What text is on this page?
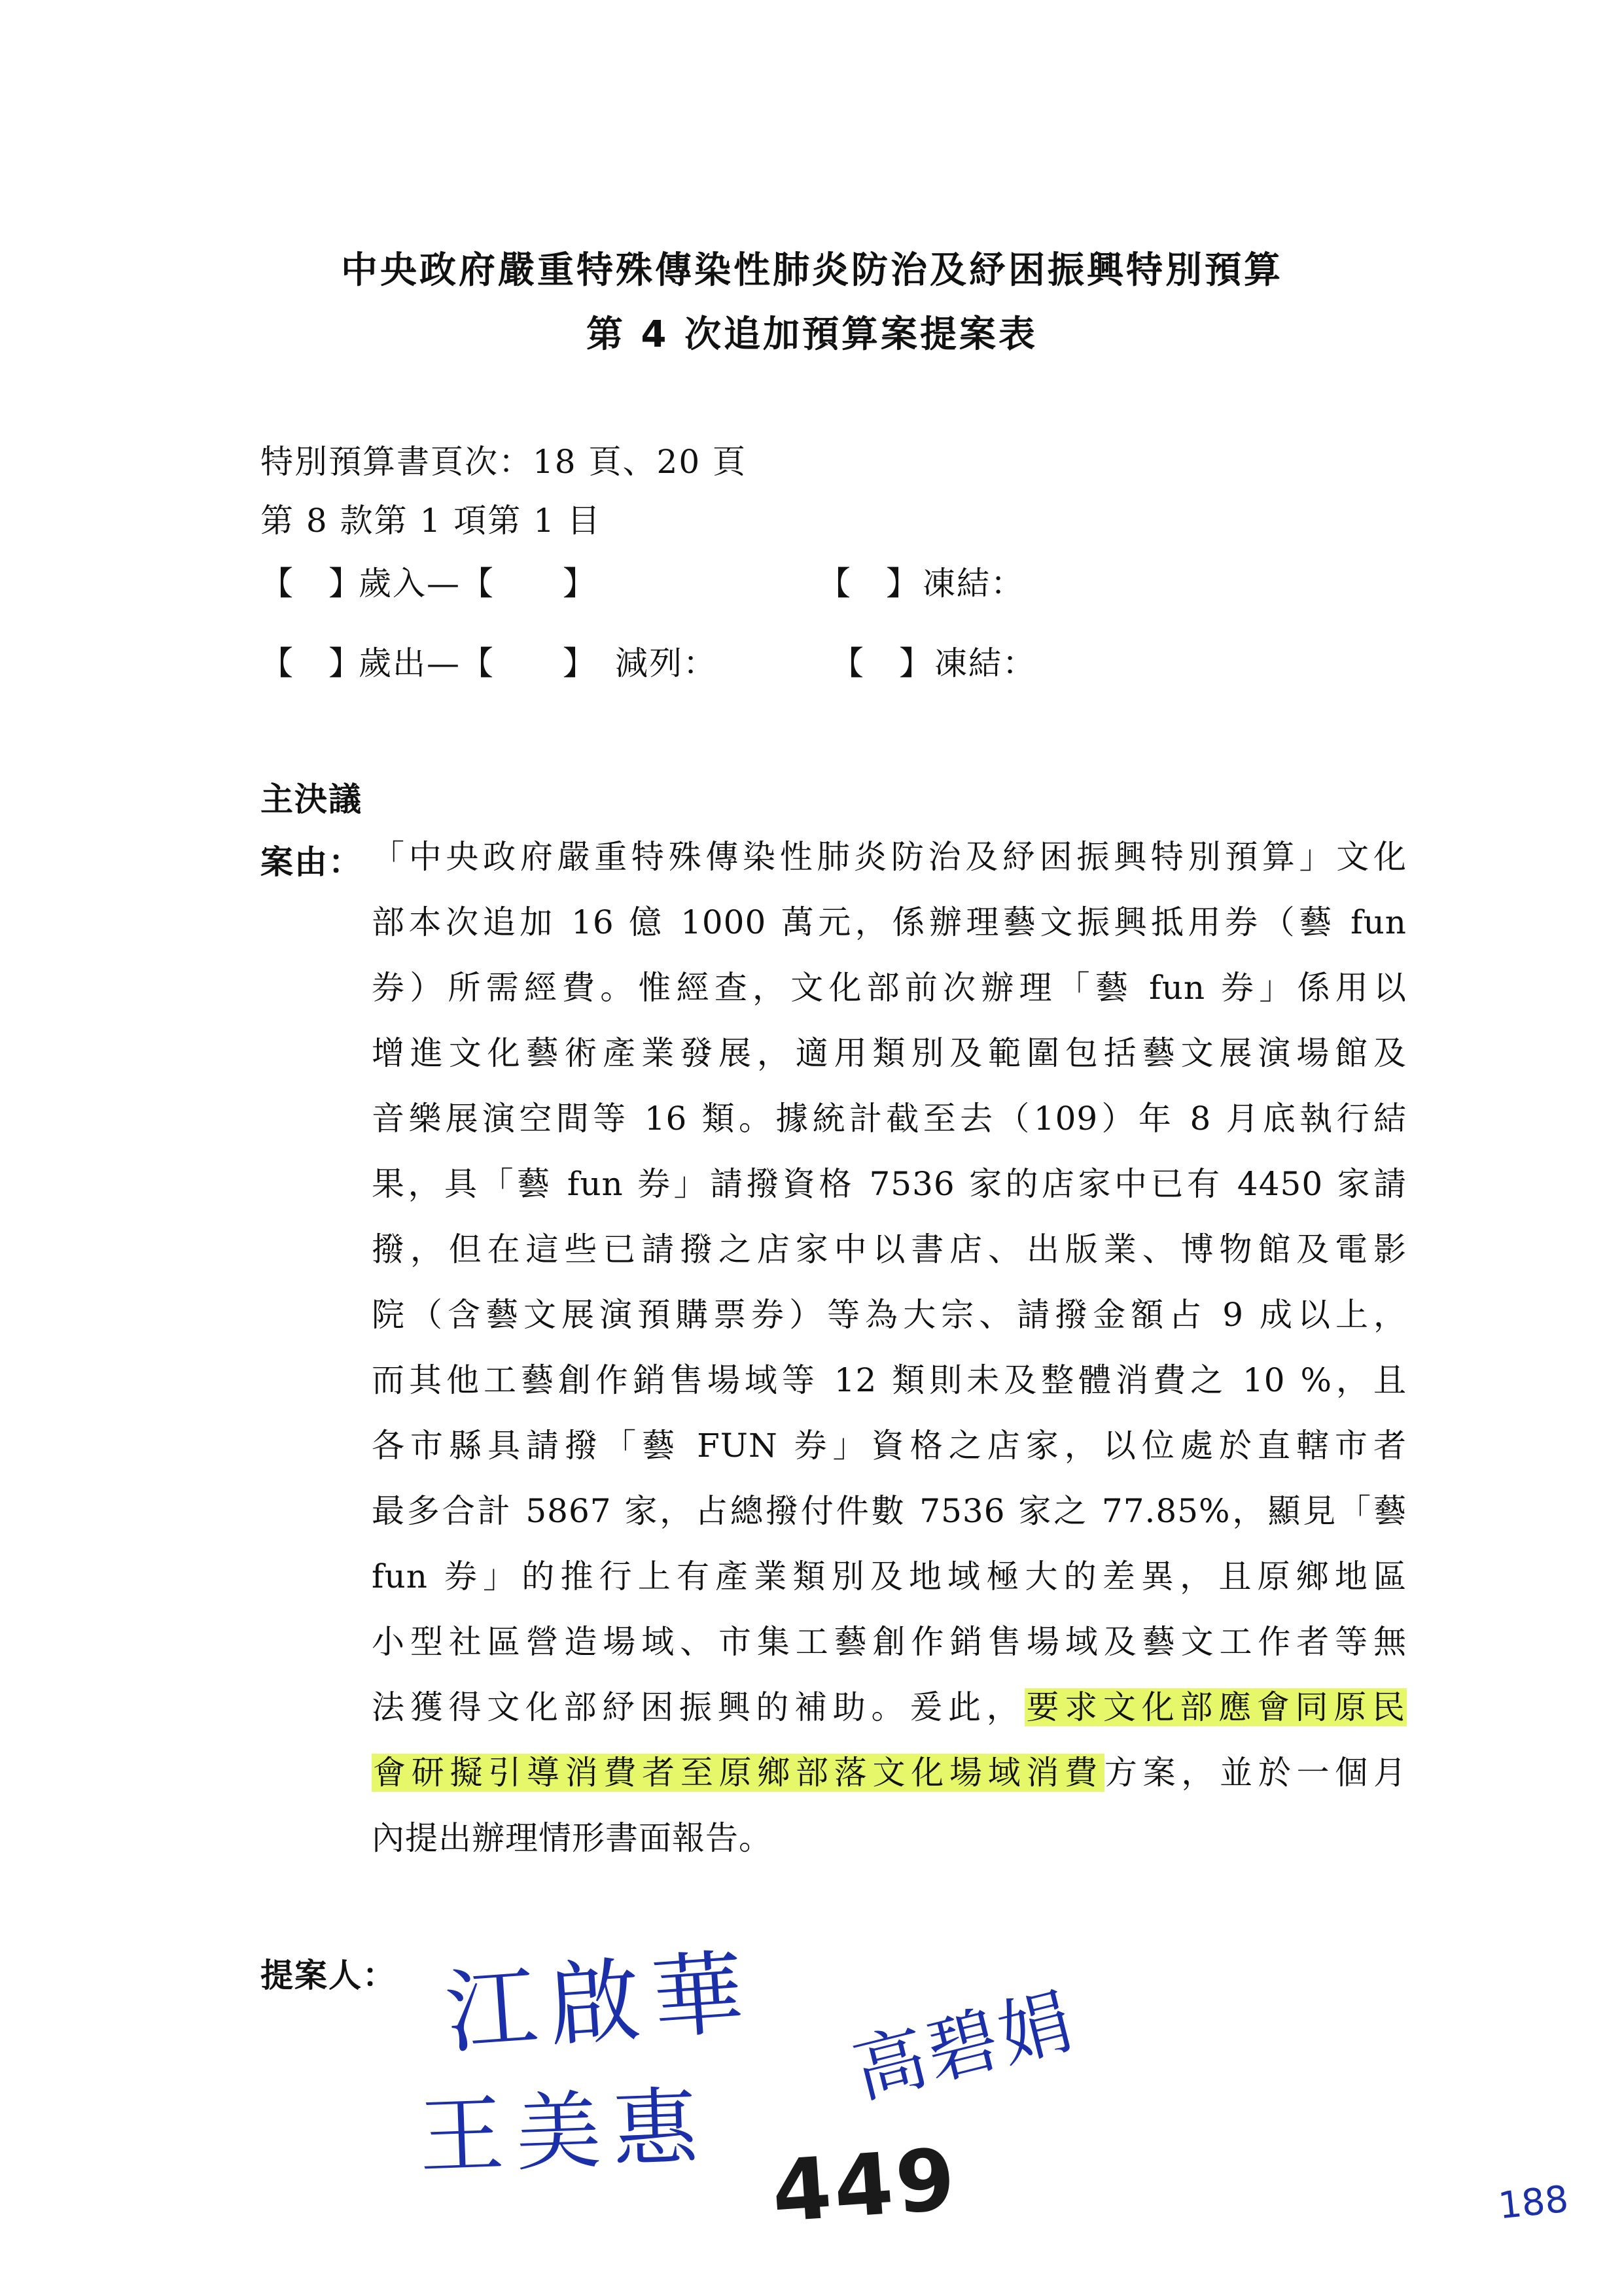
中央政府嚴重特殊傳染性肺炎防治及紓困振興特別預算
第 4 次追加預算案提案表
特別預算書頁次：18 頁、20 頁
第 8 款第 1 項第 1 目
【　】
歲入—【　　】	【　】 凍結：
【　】
歲出—【　　】 減列：	【　】 凍結：
主決議
案由： 「中央政府嚴重特殊傳染性肺炎防治及紓困振興特別預算」文化
部本次追加 16 億 1000 萬元，係辦理藝文振興抵用券（藝 fun
券）所需經費。惟經查，文化部前次辦理「藝 fun 券」係用以
增進文化藝術產業發展，適用類別及範圍包括藝文展演場館及
音樂展演空間等 16 類。據統計截至去（109）年 8 月底執行結
果，具「藝 fun 券」請撥資格 7536 家的店家中已有 4450 家請
撥，但在這些已請撥之店家中以書店、出版業、博物館及電影
院（含藝文展演預購票券）等為大宗、請撥金額占 9 成以上，
而其他工藝創作銷售場域等 12 類則未及整體消費之 10 %，且
各市縣具請撥「藝 FUN 券」資格之店家，以位處於直轄市者
最多合計 5867 家，占總撥付件數 7536 家之 77.85%，顯見「藝
fun 券」的推行上有產業類別及地域極大的差異，且原鄉地區
小型社區營造場域、市集工藝創作銷售場域及藝文工作者等無
法獲得文化部紓困振興的補助。爰此，要求文化部應會同原民
會研擬引導消費者至原鄉部落文化場域消費方案，並於一個月
內提出辦理情形書面報告。
提案人： 江啟華
王美惠
高碧娟
449	188
